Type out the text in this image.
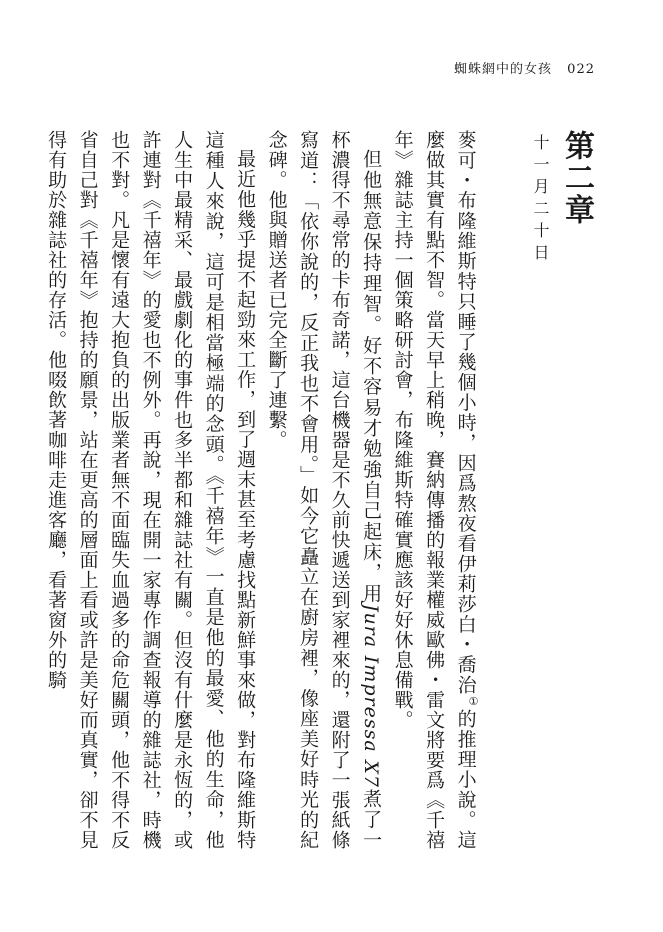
蜘蛛網中的女孩 022
第二章

十一月二十日

麥可・布隆維斯特只睡了幾個小時，因爲熬夜看伊莉莎白・喬治①的推理小說。這麼做其實有點不智。當天早上稍晚，賽納傳播的報業權威歐佛・雷文將要爲《千禧年》雜誌主持一個策略研討會，布隆維斯特確實應該好好休息備戰。

但他無意保持理智。好不容易才勉強自己起床，用Jura Impressa X7煮了一杯濃得不尋常的卡布奇諾，這台機器是不久前快遞送到家裡來的，還附了一張紙條寫道：「依你說的，反正我也不會用。」如今它矗立在廚房裡，像座美好時光的紀念碑。他與贈送者已完全斷了連繫。

最近他幾乎提不起勁來工作，到了週末甚至考慮找點新鮮事來做，對布隆維斯特這種人來說，這可是相當極端的念頭。《千禧年》一直是他的最愛、他的生命，他人生中最精采、最戲劇化的事件也多半都和雜誌社有關。但沒有什麼是永恆的，或許連對《千禧年》的愛也不例外。再說，現在開一家專作調查報導的雜誌社，時機也不對。凡是懷有遠大抱負的出版業者無不面臨失血過多的命危關頭，他不得不反省自己對《千禧年》抱持的願景，站在更高的層面上看或許是美好而真實，卻不見得有助於雜誌社的存活。他啜飲著咖啡走進客廳，看著窗外的騎
